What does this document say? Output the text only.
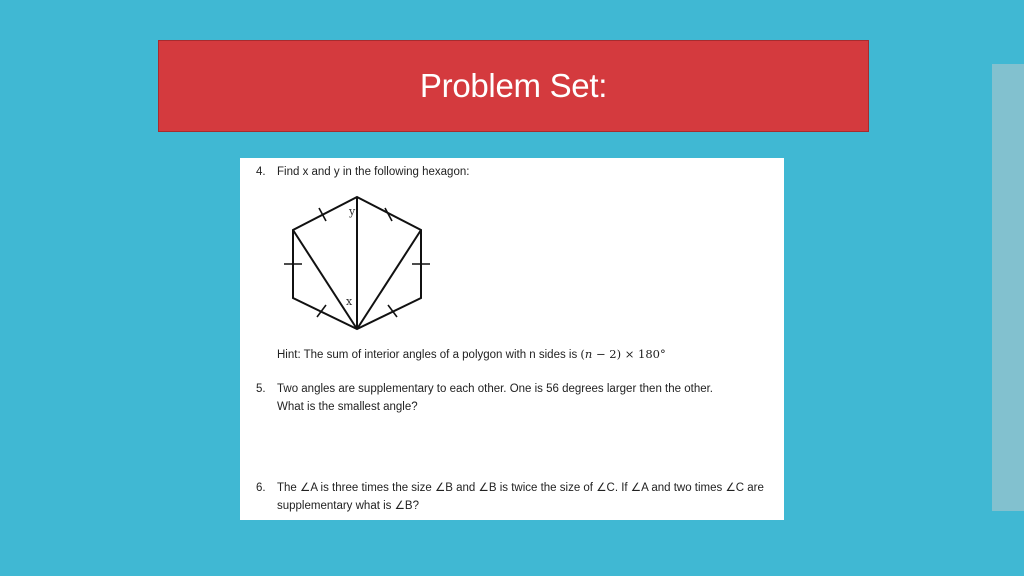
Problem Set:
4. Find x and y in the following hexagon:
y
x
Hint: The sum of interior angles of a polygon with n sides is (n − 2) × 180°
5. Two angles are supplementary to each other. One is 56 degrees larger then the other.
What is the smallest angle?
6. The ∠A is three times the size ∠B and ∠B is twice the size of ∠C. If ∠A and two times ∠C are
supplementary what is ∠B?
